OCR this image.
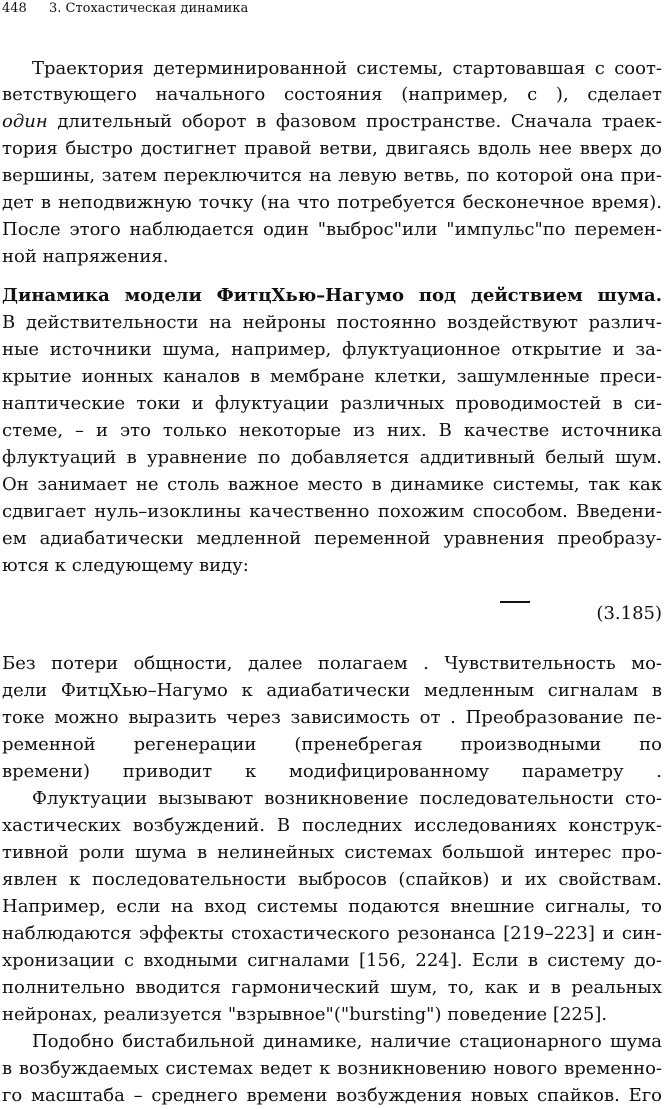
448 3. Стохастическая динамика
Траектория детерминированной системы, стартовавшая с соот-
ветствующего начального состояния (например, с ), сделает
один длительный оборот в фазовом пространстве. Сначала траек-
тория быстро достигнет правой ветви, двигаясь вдоль нее вверх до
вершины, затем переключится на левую ветвь, по которой она при-
дет в неподвижную точку (на что потребуется бесконечное время).
После этого наблюдается один "выброс"или "импульс"по перемен-
ной напряжения.
Динамика модели ФитцХью–Нагумо под действием шума.
В действительности на нейроны постоянно воздействуют различ-
ные источники шума, например, флуктуационное открытие и за-
крытие ионных каналов в мембране клетки, зашумленные преси-
наптические токи и флуктуации различных проводимостей в си-
стеме, – и это только некоторые из них. В качестве источника
флуктуаций в уравнение по добавляется аддитивный белый шум.
Он занимает не столь важное место в динамике системы, так как
сдвигает нуль–изоклины качественно похожим способом. Введени-
ем адиабатически медленной переменной уравнения преобразу-
ются к следующему виду:
(3.185)
Без потери общности, далее полагаем . Чувствительность мо-
дели ФитцХью–Нагумо к адиабатически медленным сигналам в
токе можно выразить через зависимость от . Преобразование пе-
ременной регенерации (пренебрегая производными по
времени) приводит к модифицированному параметру .
Флуктуации вызывают возникновение последовательности сто-
хастических возбуждений. В последних исследованиях конструк-
тивной роли шума в нелинейных системах большой интерес про-
явлен к последовательности выбросов (спайков) и их свойствам.
Например, если на вход системы подаются внешние сигналы, то
наблюдаются эффекты стохастического резонанса [219–223] и син-
хронизации с входными сигналами [156, 224]. Если в систему до-
полнительно вводится гармонический шум, то, как и в реальных
нейронах, реализуется "взрывное"("bursting") поведение [225].
Подобно бистабильной динамике, наличие стационарного шума
в возбуждаемых системах ведет к возникновению нового временно-
го масштаба – среднего времени возбуждения новых спайков. Его
